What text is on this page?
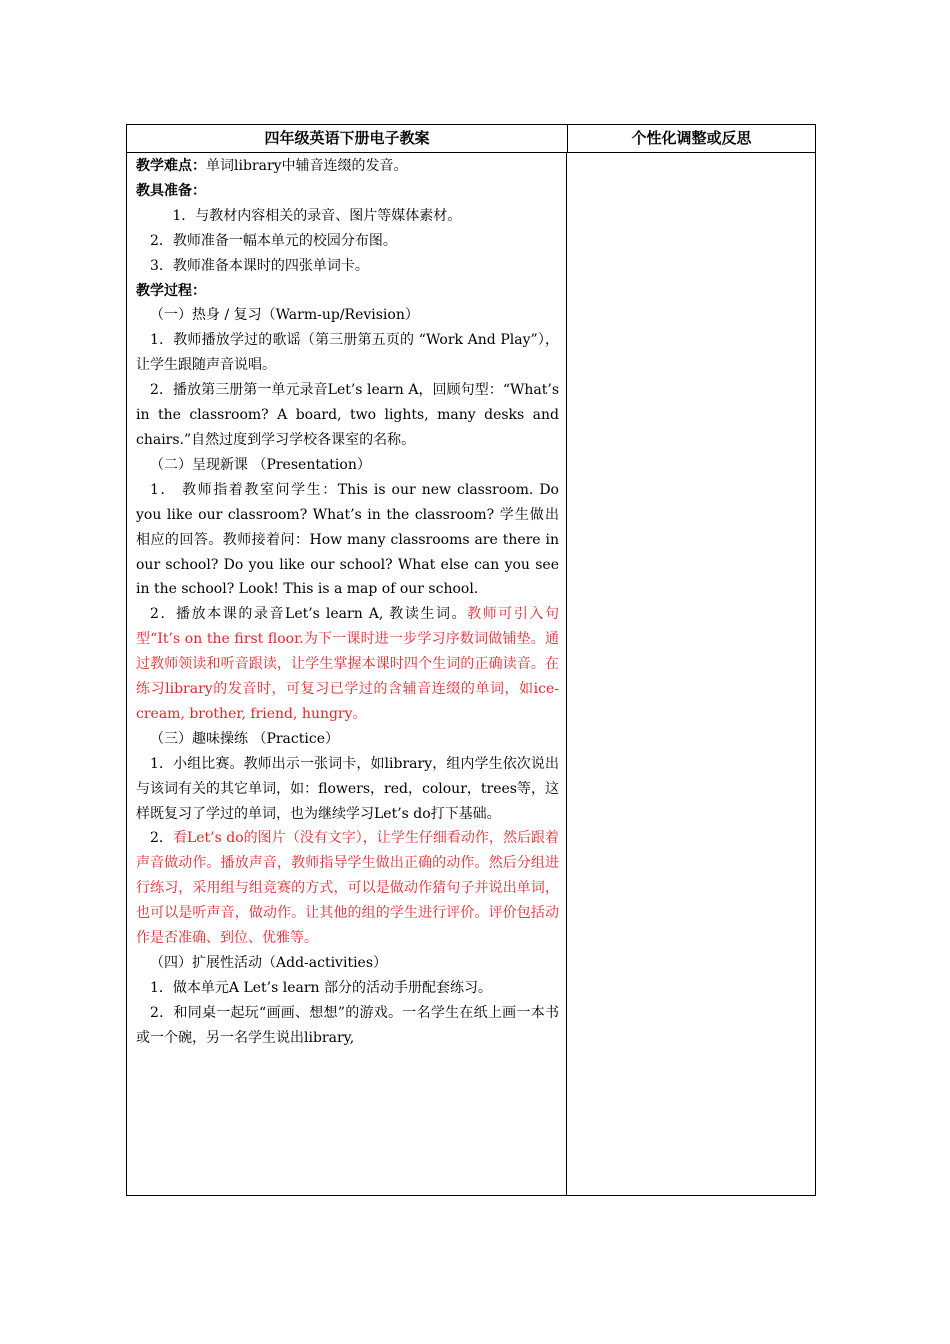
四年级英语下册电子教案	个性化调整或反思

教学难点：单词library中辅音连缀的发音。

教具准备：

1．与教材内容相关的录音、图片等媒体素材。

2．教师准备一幅本单元的校园分布图。

3．教师准备本课时的四张单词卡。

教学过程：

（一）热身 / 复习（Warm-up/Revision）

1．教师播放学过的歌谣（第三册第五页的 “Work And Play”），让学生跟随声音说唱。

2．播放第三册第一单元录音Let’s learn A，回顾句型：“What’s in the classroom? A board, two lights, many desks and chairs.”自然过度到学习学校各课室的名称。

（二）呈现新课 （Presentation）

1． 教师指着教室问学生：This is our new classroom. Do you like our classroom? What’s in the classroom? 学生做出相应的回答。教师接着问：How many classrooms are there in our school? Do you like our school? What else can you see in the school? Look! This is a map of our school.

2．播放本课的录音Let’s learn A, 教读生词。教师可引入句型“It’s on the first floor.为下一课时进一步学习序数词做铺垫。通过教师领读和听音跟读，让学生掌握本课时四个生词的正确读音。在练习library的发音时，可复习已学过的含辅音连缀的单词，如ice-cream, brother, friend, hungry。

（三）趣味操练 （Practice）

1．小组比赛。教师出示一张词卡，如library，组内学生依次说出与该词有关的其它单词，如：flowers，red，colour，trees等，这样既复习了学过的单词，也为继续学习Let’s do打下基础。

2．看Let’s do的图片（没有文字），让学生仔细看动作，然后跟着声音做动作。播放声音，教师指导学生做出正确的动作。然后分组进行练习，采用组与组竞赛的方式，可以是做动作猜句子并说出单词，也可以是听声音，做动作。让其他的组的学生进行评价。评价包括动作是否准确、到位、优雅等。

（四）扩展性活动（Add-activities）

1．做本单元A Let’s learn 部分的活动手册配套练习。

2．和同桌一起玩“画画、想想”的游戏。一名学生在纸上画一本书或一个碗，另一名学生说出library,
